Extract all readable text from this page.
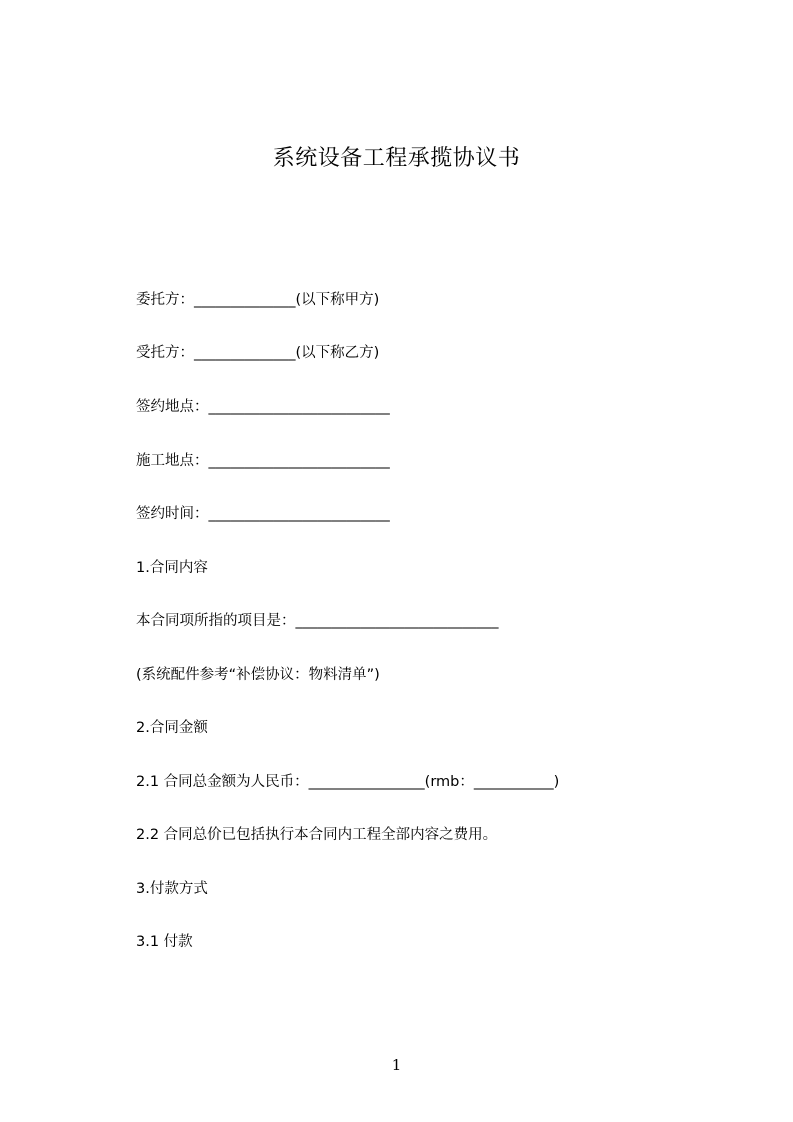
系统设备工程承揽协议书
委托方：______________(以下称甲方)
受托方：______________(以下称乙方)
签约地点：_________________________
施工地点：_________________________
签约时间：_________________________
1.合同内容
本合同项所指的项目是：____________________________
(系统配件参考“补偿协议：物料清单”)
2.合同金额
2.1 合同总金额为人民币：________________(rmb：___________)
2.2 合同总价已包括执行本合同内工程全部内容之费用。
3.付款方式
3.1 付款
1
